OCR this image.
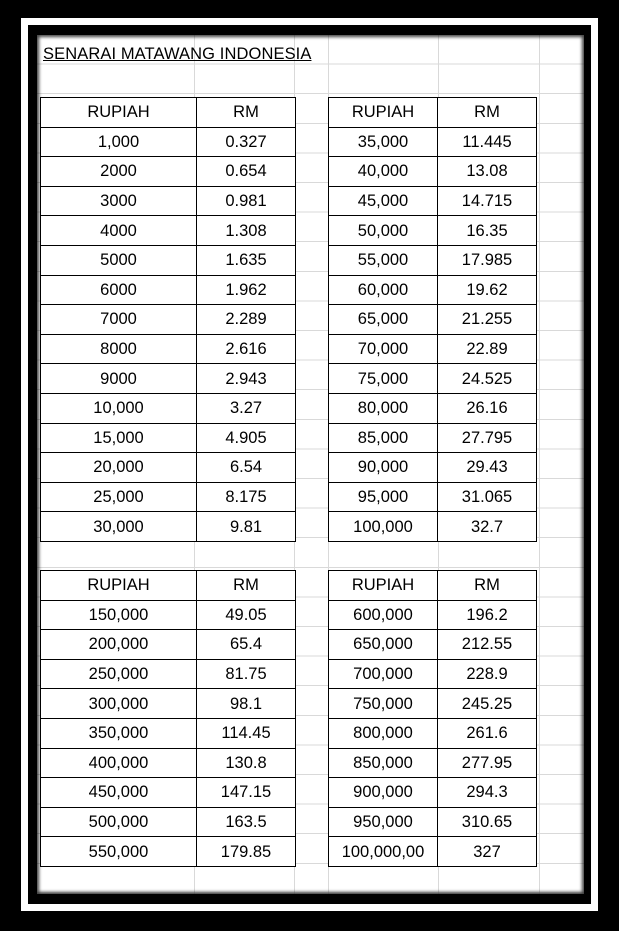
SENARAI MATAWANG INDONESIA
RUPIAH	RM
1,000	0.327
2000	0.654
3000	0.981
4000	1.308
5000	1.635
6000	1.962
7000	2.289
8000	2.616
9000	2.943
10,000	3.27
15,000	4.905
20,000	6.54
25,000	8.175
30,000	9.81
RUPIAH	RM
35,000	11.445
40,000	13.08
45,000	14.715
50,000	16.35
55,000	17.985
60,000	19.62
65,000	21.255
70,000	22.89
75,000	24.525
80,000	26.16
85,000	27.795
90,000	29.43
95,000	31.065
100,000	32.7
RUPIAH	RM
150,000	49.05
200,000	65.4
250,000	81.75
300,000	98.1
350,000	114.45
400,000	130.8
450,000	147.15
500,000	163.5
550,000	179.85
RUPIAH	RM
600,000	196.2
650,000	212.55
700,000	228.9
750,000	245.25
800,000	261.6
850,000	277.95
900,000	294.3
950,000	310.65
100,000,00	327
